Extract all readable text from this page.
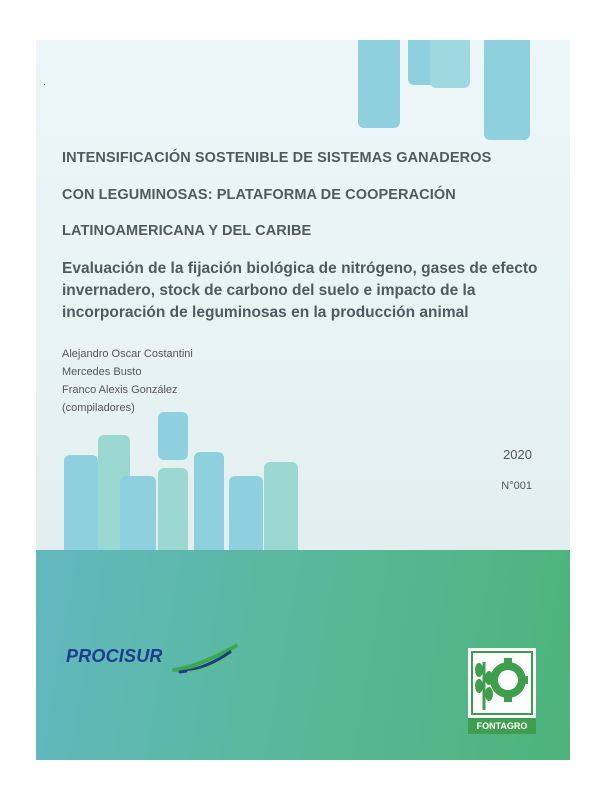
INTENSIFICACIÓN SOSTENIBLE DE SISTEMAS GANADEROS
CON LEGUMINOSAS: PLATAFORMA DE COOPERACIÓN
LATINOAMERICANA Y DEL CARIBE

Evaluación de la fijación biológica de nitrógeno, gases de efecto invernadero, stock de carbono del suelo e impacto de la incorporación de leguminosas en la producción animal

Alejandro Oscar Costantini

Mercedes Busto

Franco Alexis González

(compiladores)

2020
N°001
PROCISUR
FONTAGRO
